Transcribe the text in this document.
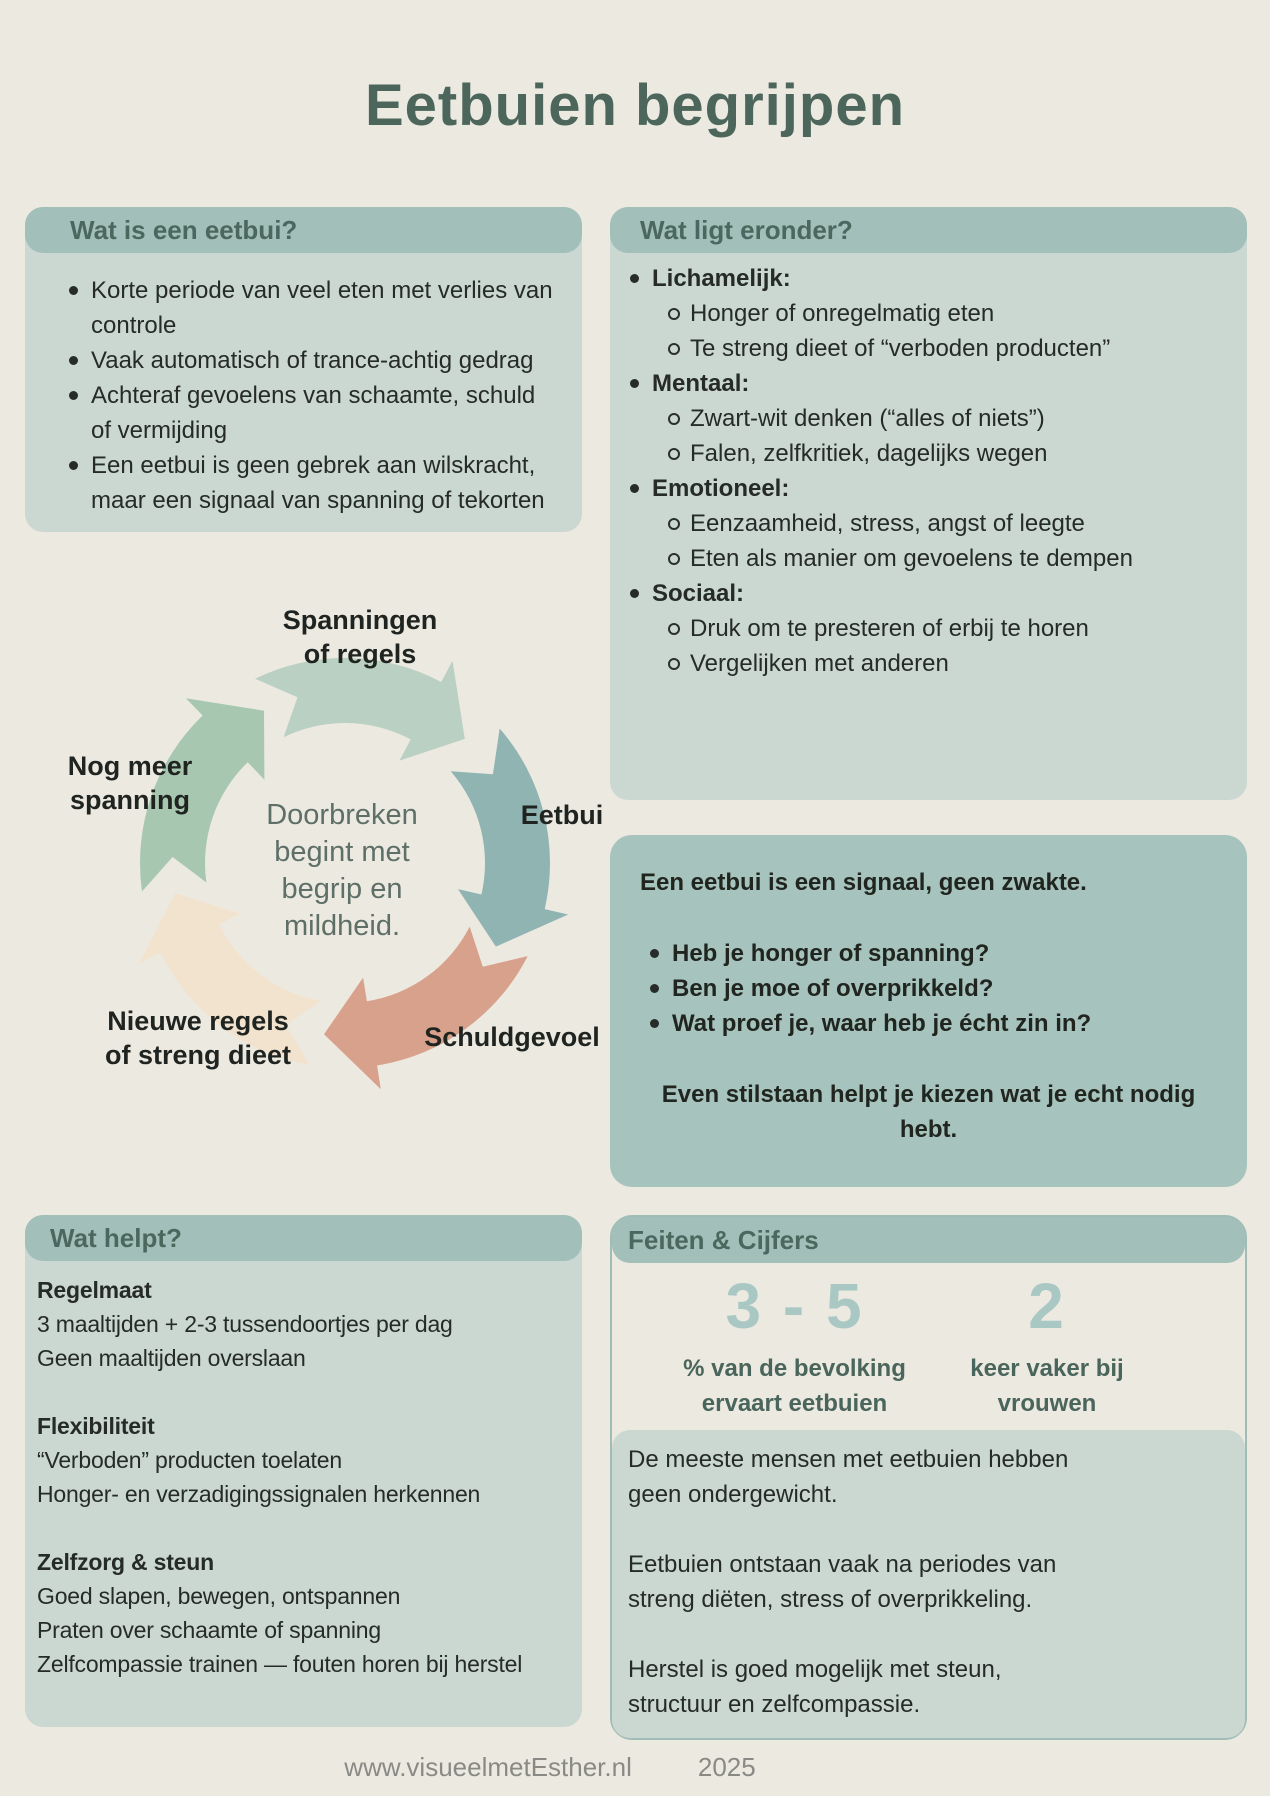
Eetbuien begrijpen
Wat is een eetbui?
Korte periode van veel eten met verlies van controle
Vaak automatisch of trance-achtig gedrag
Achteraf gevoelens van schaamte, schuld of vermijding
Een eetbui is geen gebrek aan wilskracht, maar een signaal van spanning of tekorten
Wat ligt eronder?
Lichamelijk:
Honger of onregelmatig eten
Te streng dieet of “verboden producten”
Mentaal:
Zwart-wit denken (“alles of niets”)
Falen, zelfkritiek, dagelijks wegen
Emotioneel:
Eenzaamheid, stress, angst of leegte
Eten als manier om gevoelens te dempen
Sociaal:
Druk om te presteren of erbij te horen
Vergelijken met anderen
Spanningen of regels
Eetbui
Schuldgevoel
Nieuwe regels of streng dieet
Nog meer spanning	Doorbreken begint met begrip en mildheid.
Een eetbui is een signaal, geen zwakte.
Heb je honger of spanning?
Ben je moe of overprikkeld?
Wat proef je, waar heb je écht zin in?
Even stilstaan helpt je kiezen wat je echt nodig hebt.
Wat helpt?
Regelmaat
3 maaltijden + 2-3 tussendoortjes per dag
Geen maaltijden overslaan
Flexibiliteit
“Verboden” producten toelaten
Honger- en verzadigingssignalen herkennen
Zelfzorg & steun
Goed slapen, bewegen, ontspannen
Praten over schaamte of spanning
Zelfcompassie trainen — fouten horen bij herstel
Feiten & Cijfers
3 - 5
% van de bevolking ervaart eetbuien
2
keer vaker bij vrouwen

De meeste mensen met eetbuien hebben geen ondergewicht.

Eetbuien ontstaan vaak na periodes van streng diëten, stress of overprikkeling.

Herstel is goed mogelijk met steun, structuur en zelfcompassie.

www.visueelmetEsther.nl	2025
